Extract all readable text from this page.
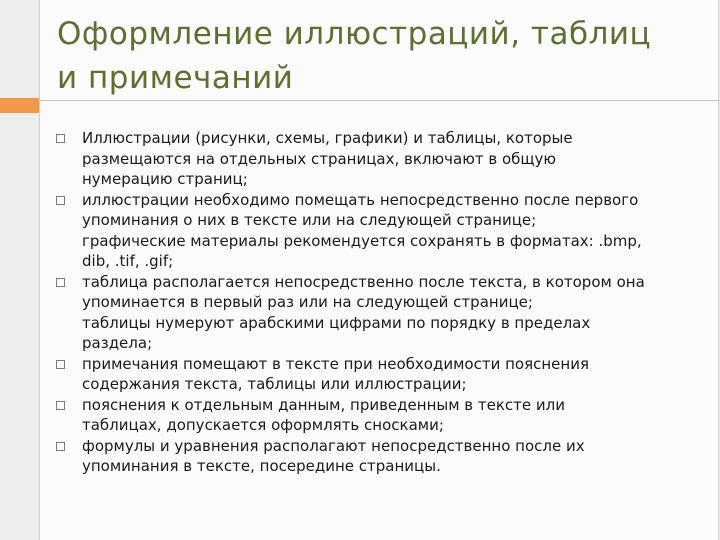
Оформление иллюстраций, таблиц
и примечаний
Иллюстрации (рисунки, схемы, графики) и таблицы, которые
размещаются на отдельных страницах, включают в общую
нумерацию страниц;
иллюстрации необходимо помещать непосредственно после первого
упоминания о них в тексте или на следующей странице;
графические материалы рекомендуется сохранять в форматах: .bmp,
dib, .tif, .gif;
таблица располагается непосредственно после текста, в котором она
упоминается в первый раз или на следующей странице;
таблицы нумеруют арабскими цифрами по порядку в пределах
раздела;
примечания помещают в тексте при необходимости пояснения
содержания текста, таблицы или иллюстрации;
пояснения к отдельным данным, приведенным в тексте или
таблицах, допускается оформлять сносками;
формулы и уравнения располагают непосредственно после их
упоминания в тексте, посередине страницы.
